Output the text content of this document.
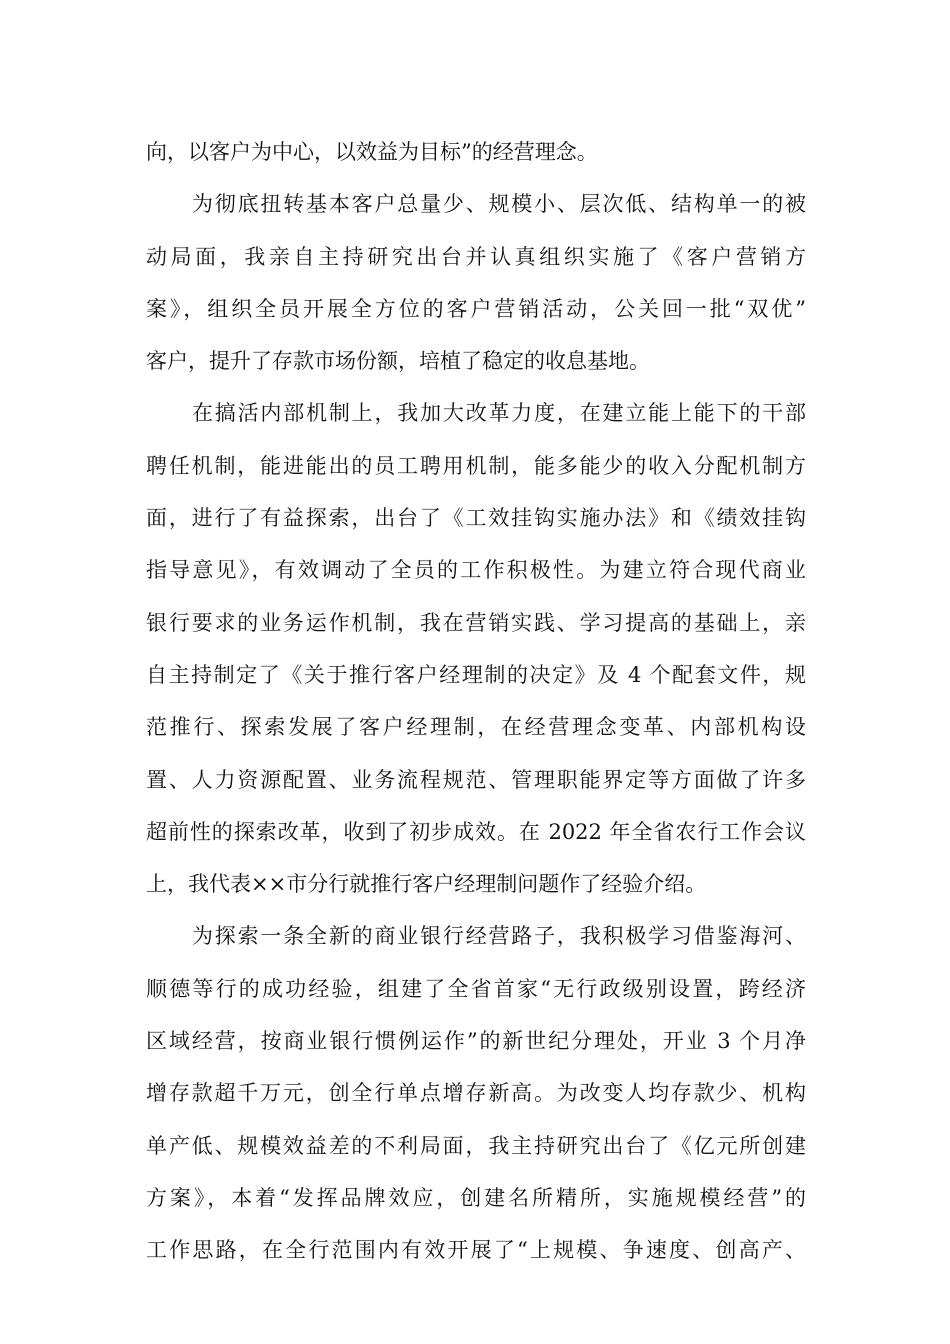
向，以客户为中心，以效益为目标”的经营理念。
为彻底扭转基本客户总量少、规模小、层次低、结构单一的被
动局面，我亲自主持研究出台并认真组织实施了《客户营销方
案》，组织全员开展全方位的客户营销活动，公关回一批“双优”
客户，提升了存款市场份额，培植了稳定的收息基地。
在搞活内部机制上，我加大改革力度，在建立能上能下的干部
聘任机制，能进能出的员工聘用机制，能多能少的收入分配机制方
面，进行了有益探索，出台了《工效挂钩实施办法》和《绩效挂钩
指导意见》，有效调动了全员的工作积极性。为建立符合现代商业
银行要求的业务运作机制，我在营销实践、学习提高的基础上，亲
自主持制定了《关于推行客户经理制的决定》及 4 个配套文件，规
范推行、探索发展了客户经理制，在经营理念变革、内部机构设
置、人力资源配置、业务流程规范、管理职能界定等方面做了许多
超前性的探索改革，收到了初步成效。在 2022 年全省农行工作会议
上，我代表××市分行就推行客户经理制问题作了经验介绍。
为探索一条全新的商业银行经营路子，我积极学习借鉴海河、
顺德等行的成功经验，组建了全省首家“无行政级别设置，跨经济
区域经营，按商业银行惯例运作”的新世纪分理处，开业 3 个月净
增存款超千万元，创全行单点增存新高。为改变人均存款少、机构
单产低、规模效益差的不利局面，我主持研究出台了《亿元所创建
方案》，本着“发挥品牌效应，创建名所精所，实施规模经营”的
工作思路，在全行范围内有效开展了“上规模、争速度、创高产、
